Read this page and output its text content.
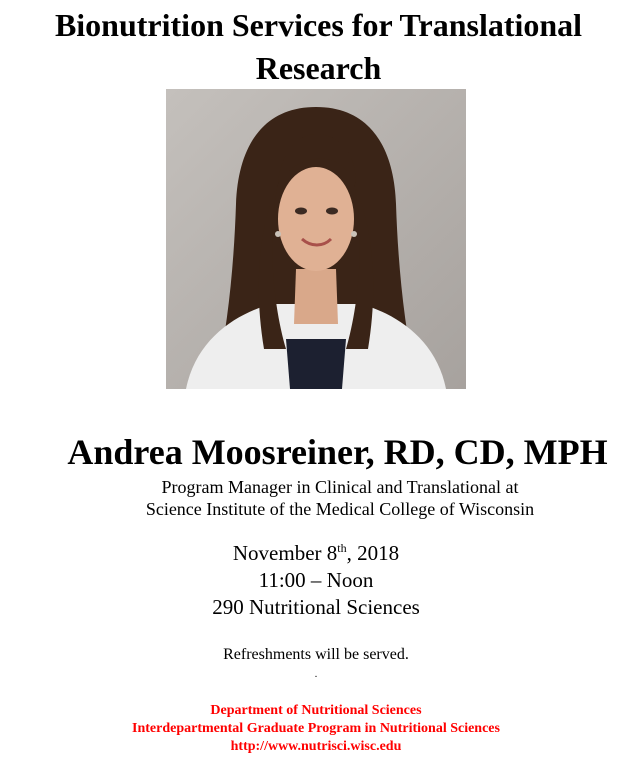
Bionutrition Services for Translational
Research
Andrea Moosreiner, RD, CD, MPH
Program Manager in Clinical and Translational at
Science Institute of the Medical College of Wisconsin
November 8th, 2018
11:00 – Noon
290 Nutritional Sciences
Refreshments will be served.
.
Department of Nutritional Sciences
Interdepartmental Graduate Program in Nutritional Sciences
http://www.nutrisci.wisc.edu
